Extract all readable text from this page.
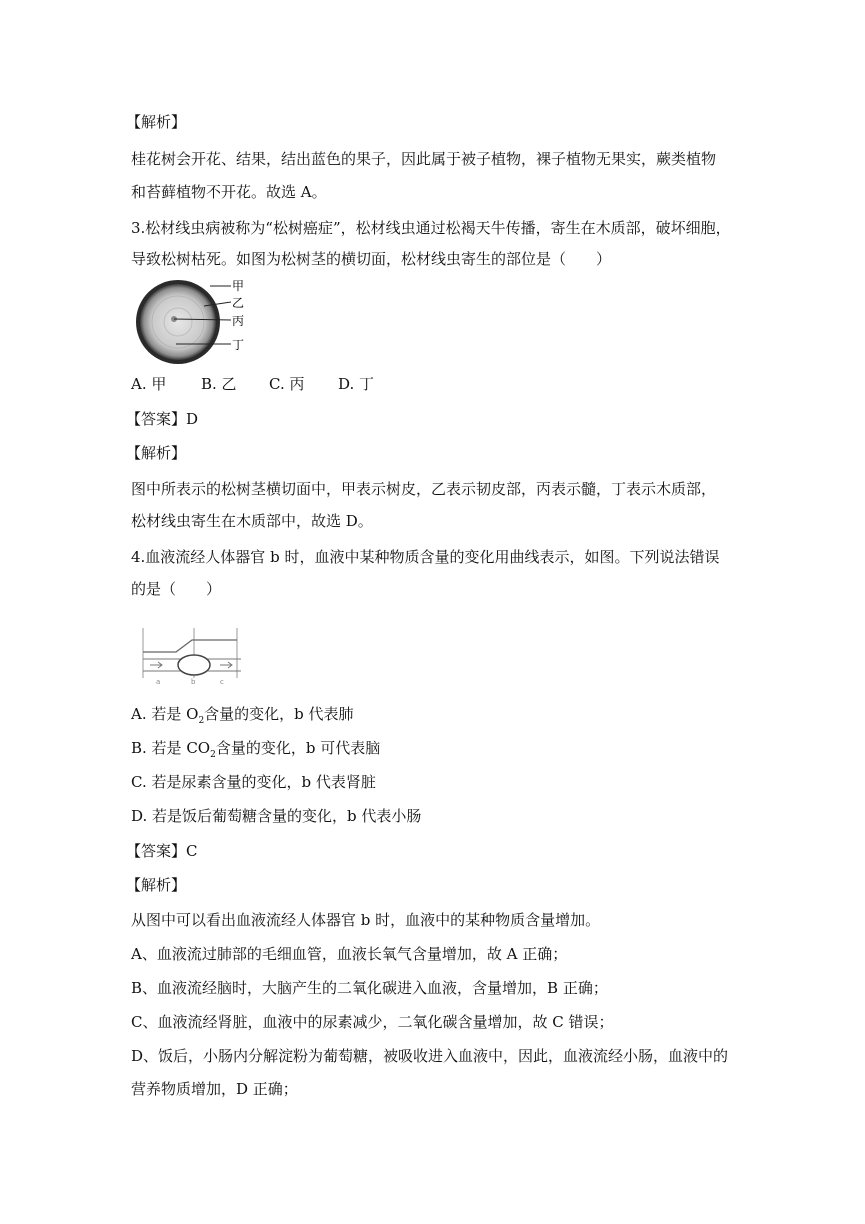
【解析】
桂花树会开花、结果，结出蓝色的果子，因此属于被子植物，裸子植物无果实，蕨类植物
和苔藓植物不开花。故选 A。
3.松材线虫病被称为“松树癌症”，松材线虫通过松褐天牛传播，寄生在木质部，破坏细胞，
导致松树枯死。如图为松树茎的横切面，松材线虫寄生的部位是（　　）
甲
乙
丙
丁
A. 甲 B. 乙 C. 丙 D. 丁
【答案】D
【解析】
图中所表示的松树茎横切面中，甲表示树皮，乙表示韧皮部，丙表示髓，丁表示木质部，
松材线虫寄生在木质部中，故选 D。
4.血液流经人体器官 b 时，血液中某种物质含量的变化用曲线表示，如图。下列说法错误
的是（　　）
a	b	c
A. 若是 $O_2$含量的变化，b 代表肺
B. 若是 $CO_2$含量的变化，b 可代表脑
C. 若是尿素含量的变化，b 代表肾脏
D. 若是饭后葡萄糖含量的变化，b 代表小肠
【答案】C
【解析】
从图中可以看出血液流经人体器官 b 时，血液中的某种物质含量增加。
A、血液流过肺部的毛细血管，血液长氧气含量增加，故 A 正确；
B、血液流经脑时，大脑产生的二氧化碳进入血液，含量增加，B 正确；
C、血液流经肾脏，血液中的尿素减少，二氧化碳含量增加，故 C 错误；
D、饭后，小肠内分解淀粉为葡萄糖，被吸收进入血液中，因此，血液流经小肠，血液中的
营养物质增加，D 正确；
